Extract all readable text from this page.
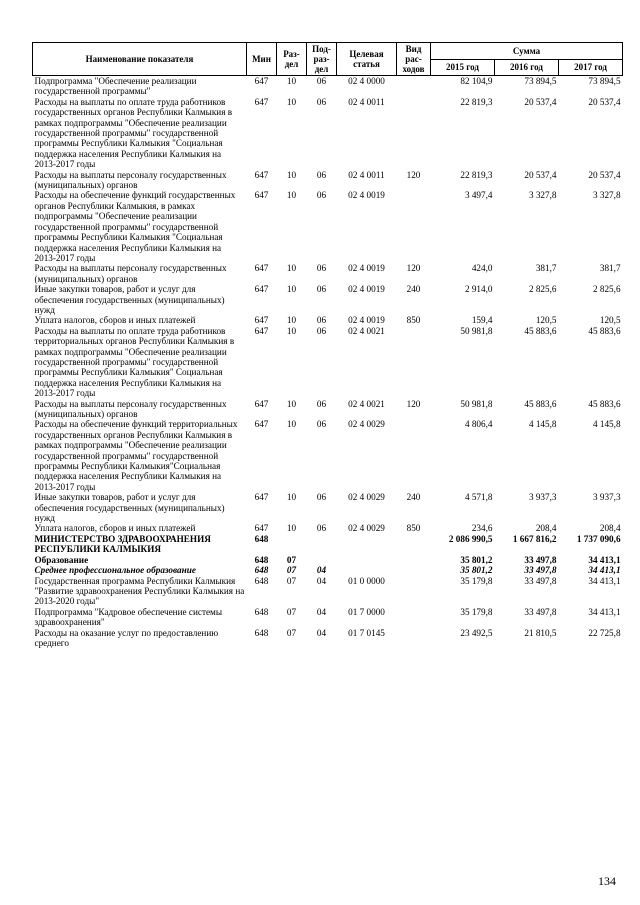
Наименование показателя	Мин	Раз-дел	Под-раз-дел	Целевая статья	Вид рас-ходов	Сумма		
						2015 год	2016 год	2017 год
Подпрограмма "Обеспечение реализации государственной программы"	647	10	06	02 4 0000		82 104,9	73 894,5	73 894,5
Расходы на выплаты по оплате труда работников государственных органов Республики Калмыкия в рамках подпрограммы "Обеспечение реализации государственной программы" государственной программы Республики Калмыкия "Социальная поддержка населения Республики Калмыкия на 2013-2017 годы	647	10	06	02 4 0011		22 819,3	20 537,4	20 537,4
Расходы на выплаты персоналу государственных (муниципальных) органов	647	10	06	02 4 0011	120	22 819,3	20 537,4	20 537,4
Расходы на обеспечение функций государственных органов Республики Калмыкия, в рамках подпрограммы "Обеспечение реализации государственной программы" государственной программы Республики Калмыкия "Социальная поддержка населения Республики Калмыкия на 2013-2017 годы	647	10	06	02 4 0019		3 497,4	3 327,8	3 327,8
Расходы на выплаты персоналу государственных (муниципальных) органов	647	10	06	02 4 0019	120	424,0	381,7	381,7
Иные закупки товаров, работ и услуг для обеспечения государственных (муниципальных) нужд	647	10	06	02 4 0019	240	2 914,0	2 825,6	2 825,6
Уплата налогов, сборов и иных платежей	647	10	06	02 4 0019	850	159,4	120,5	120,5
Расходы на выплаты по оплате труда работников территориальных органов Республики Калмыкия в рамках подпрограммы "Обеспечение реализации государственной программы" государственной программы Республики Калмыкия" Социальная поддержка населения Республики Калмыкия на 2013-2017 годы	647	10	06	02 4 0021		50 981,8	45 883,6	45 883,6
Расходы на выплаты персоналу государственных (муниципальных) органов	647	10	06	02 4 0021	120	50 981,8	45 883,6	45 883,6
Расходы на обеспечение функций территориальных государственных органов Республики Калмыкия в рамках подпрограммы "Обеспечение реализации государственной программы" государственной программы Республики Калмыкия"Социальная поддержка населения Республики Калмыкия на 2013-2017 годы	647	10	06	02 4 0029		4 806,4	4 145,8	4 145,8
Иные закупки товаров, работ и услуг для обеспечения государственных (муниципальных) нужд	647	10	06	02 4 0029	240	4 571,8	3 937,3	3 937,3
Уплата налогов, сборов и иных платежей	647	10	06	02 4 0029	850	234,6	208,4	208,4
МИНИСТЕРСТВО ЗДРАВООХРАНЕНИЯ РЕСПУБЛИКИ КАЛМЫКИЯ	648					2 086 990,5	1 667 816,2	1 737 090,6
Образование	648	07				35 801,2	33 497,8	34 413,1
Среднее профессиональное образование	648	07	04			35 801,2	33 497,8	34 413,1
Государственная программа Республики Калмыкия "Развитие здравоохранения Республики Калмыкия на 2013-2020 годы"	648	07	04	01 0 0000		35 179,8	33 497,8	34 413,1
Подпрограмма "Кадровое обеспечение системы здравоохранения"	648	07	04	01 7 0000		35 179,8	33 497,8	34 413,1
Расходы на оказание услуг по предоставлению среднего	648	07	04	01 7 0145		23 492,5	21 810,5	22 725,8
134
